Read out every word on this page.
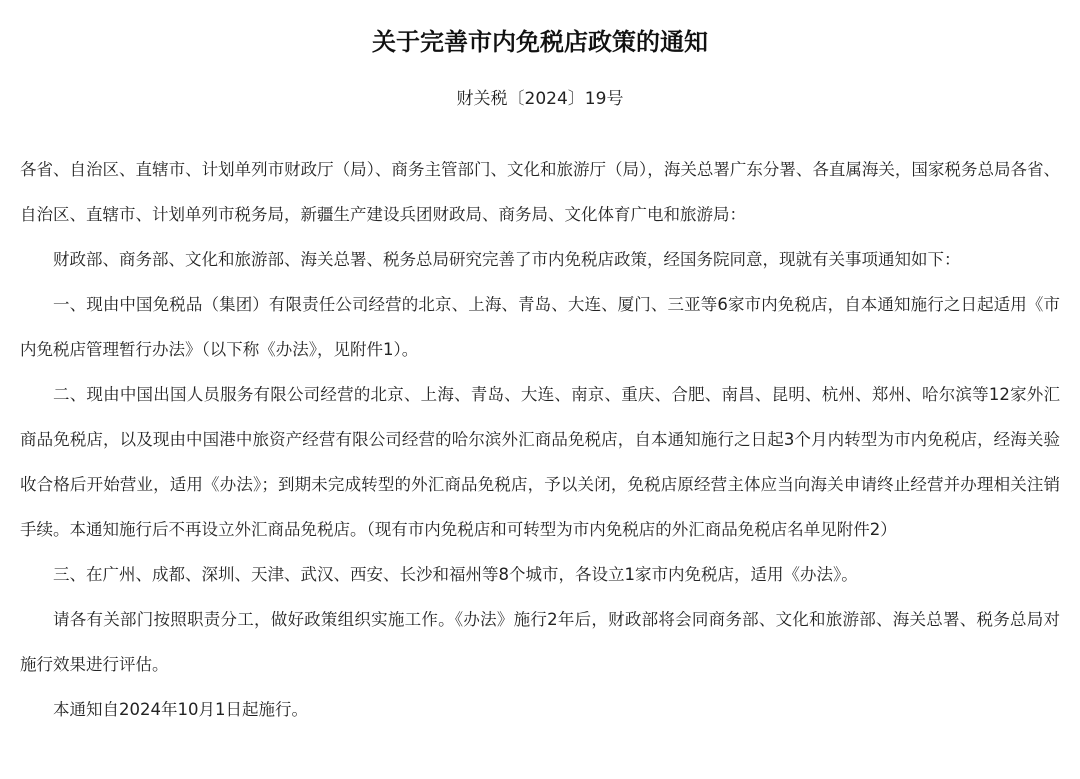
关于完善市内免税店政策的通知
财关税〔2024〕19号

各省、自治区、直辖市、计划单列市财政厅（局）、商务主管部门、文化和旅游厅（局），海关总署广东分署、各直属海关，国家税务总局各省、自治区、直辖市、计划单列市税务局，新疆生产建设兵团财政局、商务局、文化体育广电和旅游局：

财政部、商务部、文化和旅游部、海关总署、税务总局研究完善了市内免税店政策，经国务院同意，现就有关事项通知如下：

一、现由中国免税品（集团）有限责任公司经营的北京、上海、青岛、大连、厦门、三亚等6家市内免税店，自本通知施行之日起适用《市内免税店管理暂行办法》（以下称《办法》，见附件1）。

二、现由中国出国人员服务有限公司经营的北京、上海、青岛、大连、南京、重庆、合肥、南昌、昆明、杭州、郑州、哈尔滨等12家外汇商品免税店，以及现由中国港中旅资产经营有限公司经营的哈尔滨外汇商品免税店，自本通知施行之日起3个月内转型为市内免税店，经海关验收合格后开始营业，适用《办法》；到期未完成转型的外汇商品免税店，予以关闭，免税店原经营主体应当向海关申请终止经营并办理相关注销手续。本通知施行后不再设立外汇商品免税店。（现有市内免税店和可转型为市内免税店的外汇商品免税店名单见附件2）

三、在广州、成都、深圳、天津、武汉、西安、长沙和福州等8个城市，各设立1家市内免税店，适用《办法》。

请各有关部门按照职责分工，做好政策组织实施工作。《办法》施行2年后，财政部将会同商务部、文化和旅游部、海关总署、税务总局对施行效果进行评估。

本通知自2024年10月1日起施行。
